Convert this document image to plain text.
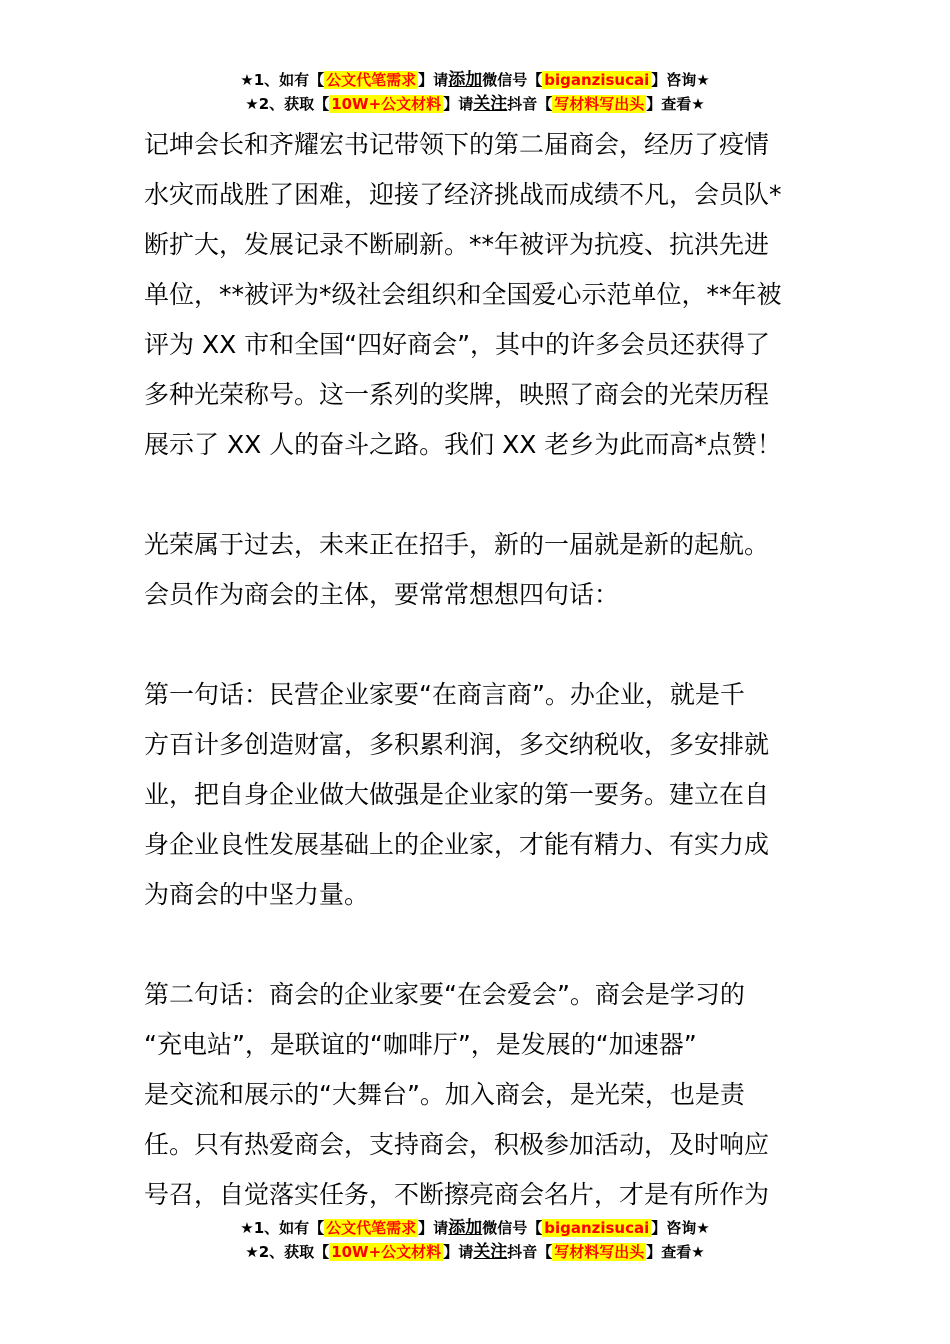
★1、如有【 公文代笔需求 】请添加微信号【 biganzisucai 】咨询★
★2、获取【 10W+公文材料 】请关注抖音【 写材料写出头 】查看★

记坤会长和齐耀宏书记带领下的第二届商会，经历了疫情

水灾而战胜了困难，迎接了经济挑战而成绩不凡，会员队*

断扩大，发展记录不断刷新。**年被评为抗疫、抗洪先进

单位，**被评为*级社会组织和全国爱心示范单位，**年被

评为 XX 市和全国“四好商会”，其中的许多会员还获得了

多种光荣称号。这一系列的奖牌，映照了商会的光荣历程

展示了 XX 人的奋斗之路。我们 XX 老乡为此而高*点赞！

光荣属于过去，未来正在招手，新的一届就是新的起航。

会员作为商会的主体，要常常想想四句话：

第一句话：民营企业家要“在商言商”。办企业，就是千

方百计多创造财富，多积累利润，多交纳税收，多安排就

业，把自身企业做大做强是企业家的第一要务。建立在自

身企业良性发展基础上的企业家，才能有精力、有实力成

为商会的中坚力量。

第二句话：商会的企业家要“在会爱会”。商会是学习的

“充电站”，是联谊的“咖啡厅”，是发展的“加速器”

是交流和展示的“大舞台”。加入商会，是光荣，也是责

任。只有热爱商会，支持商会，积极参加活动，及时响应

号召，自觉落实任务，不断擦亮商会名片，才是有所作为

★1、如有【 公文代笔需求 】请添加微信号【 biganzisucai 】咨询★
★2、获取【 10W+公文材料 】请关注抖音【 写材料写出头 】查看★
